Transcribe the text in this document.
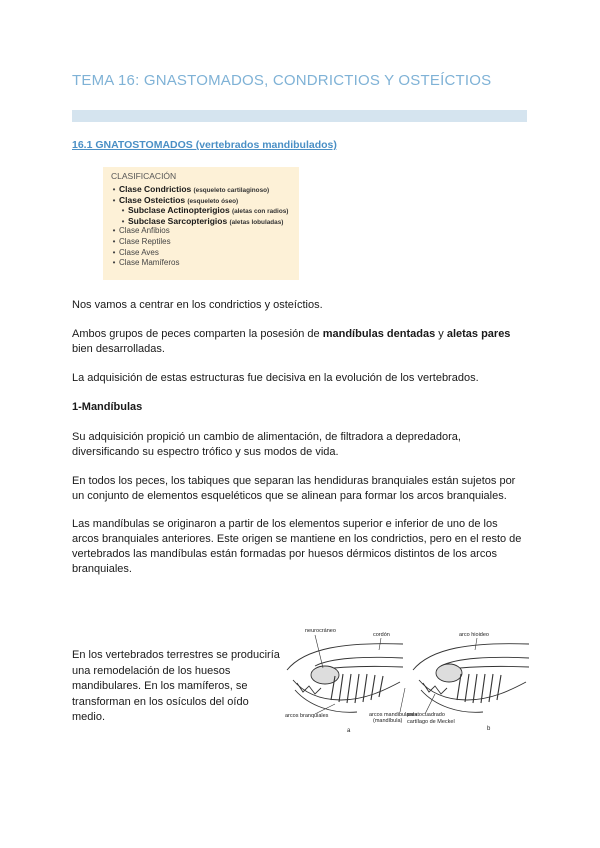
TEMA 16: GNASTOMADOS, CONDRICTIOS Y OSTEÍCTIOS
16.1 GNATOSTOMADOS (vertebrados mandibulados)
CLASIFICACIÓN
• Clase Condrictios (esqueleto cartilaginoso)
• Clase Osteictios (esqueleto óseo)
• Subclase Actinopterigios (aletas con radios)
• Subclase Sarcopterigios (aletas lobuladas)
• Clase Anfibios
• Clase Reptiles
• Clase Aves
• Clase Mamíferos
Nos vamos a centrar en los condrictios y osteíctios.
Ambos grupos de peces comparten la posesión de mandíbulas dentadas y aletas pares
bien desarrolladas.
La adquisición de estas estructuras fue decisiva en la evolución de los vertebrados.
1-Mandíbulas
Su adquisición propició un cambio de alimentación, de filtradora a depredadora,
diversificando su espectro trófico y sus modos de vida.
En todos los peces, los tabiques que separan las hendiduras branquiales están sujetos por
un conjunto de elementos esqueléticos que se alinean para formar los arcos branquiales.
Las mandíbulas se originaron a partir de los elementos superior e inferior de uno de los
arcos branquiales anteriores. Este origen se mantiene en los condrictios, pero en el resto de
vertebrados las mandíbulas están formadas por huesos dérmicos distintos de los arcos
branquiales.
En los vertebrados terrestres se produciría
una remodelación de los huesos
mandibulares. En los mamíferos, se
transforman en los osículos del oído
medio.
neurocráneo
cordón	arco hioideo
arcos branquiales	arcos mandibulares
(mandíbula)
palatocuadrado
cartílago de Meckel
a	b
